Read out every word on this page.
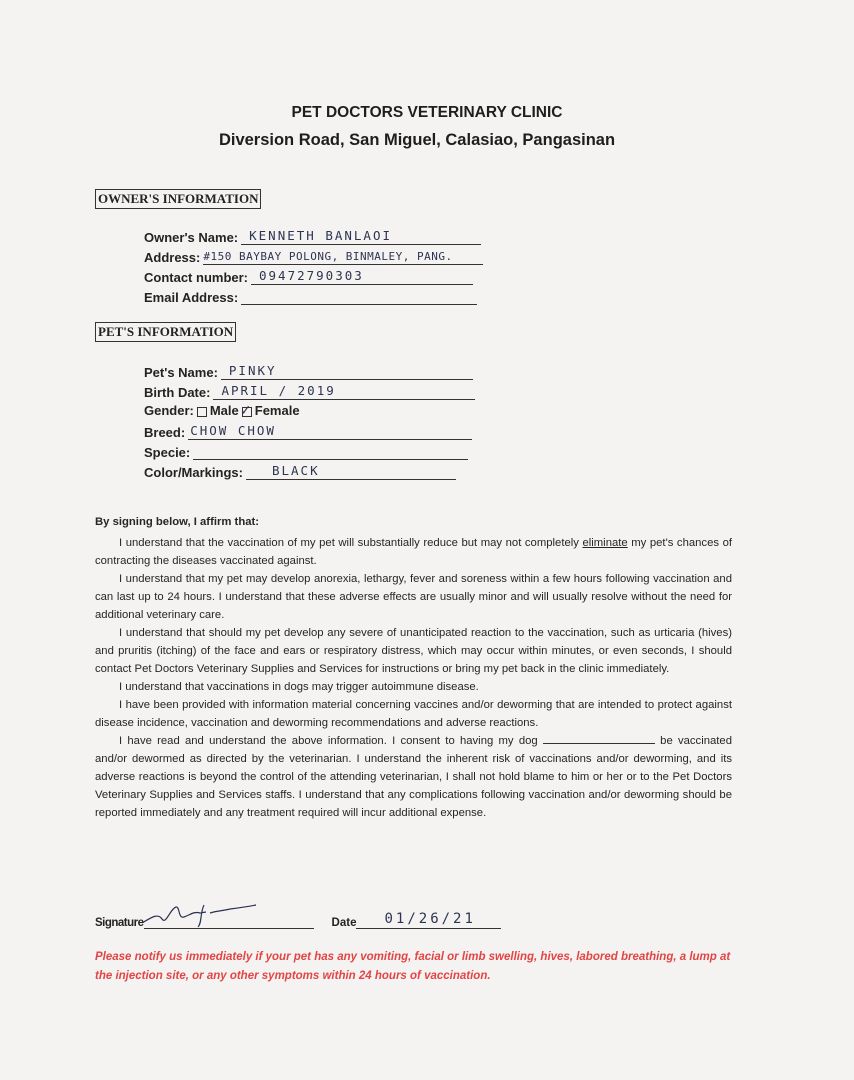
PET DOCTORS VETERINARY CLINIC
Diversion Road, San Miguel, Calasiao, Pangasinan
OWNER'S INFORMATION
Owner's Name: KENNETH BANLAOI
Address: #150 BAYBAY POLONG, BINMALEY, PANG.
Contact number: 09472790303
Email Address:
PET'S INFORMATION
Pet's Name: PINKY
Birth Date: APRIL / 2019
Gender: Male ✓ Female
Breed: CHOW CHOW
Specie:
Color/Markings: BLACK
By signing below, I affirm that:

I understand that the vaccination of my pet will substantially reduce but may not completely eliminate my pet's chances of contracting the diseases vaccinated against.

I understand that my pet may develop anorexia, lethargy, fever and soreness within a few hours following vaccination and can last up to 24 hours. I understand that these adverse effects are usually minor and will usually resolve without the need for additional veterinary care.

I understand that should my pet develop any severe of unanticipated reaction to the vaccination, such as urticaria (hives) and pruritis (itching) of the face and ears or respiratory distress, which may occur within minutes, or even seconds, I should contact Pet Doctors Veterinary Supplies and Services for instructions or bring my pet back in the clinic immediately.

I understand that vaccinations in dogs may trigger autoimmune disease.

I have been provided with information material concerning vaccines and/or deworming that are intended to protect against disease incidence, vaccination and deworming recommendations and adverse reactions.

I have read and understand the above information. I consent to having my dog	be vaccinated and/or dewormed as directed by the veterinarian. I understand the inherent risk of vaccinations and/or deworming, and its adverse reactions is beyond the control of the attending veterinarian, I shall not hold blame to him or her or to the Pet Doctors Veterinary Supplies and Services staffs. I understand that any complications following vaccination and/or deworming should be reported immediately and any treatment required will incur additional expense.

Signature	Date 01/26/21
Please notify us immediately if your pet has any vomiting, facial or limb swelling, hives, labored breathing, a lump at the injection site, or any other symptoms within 24 hours of vaccination.
